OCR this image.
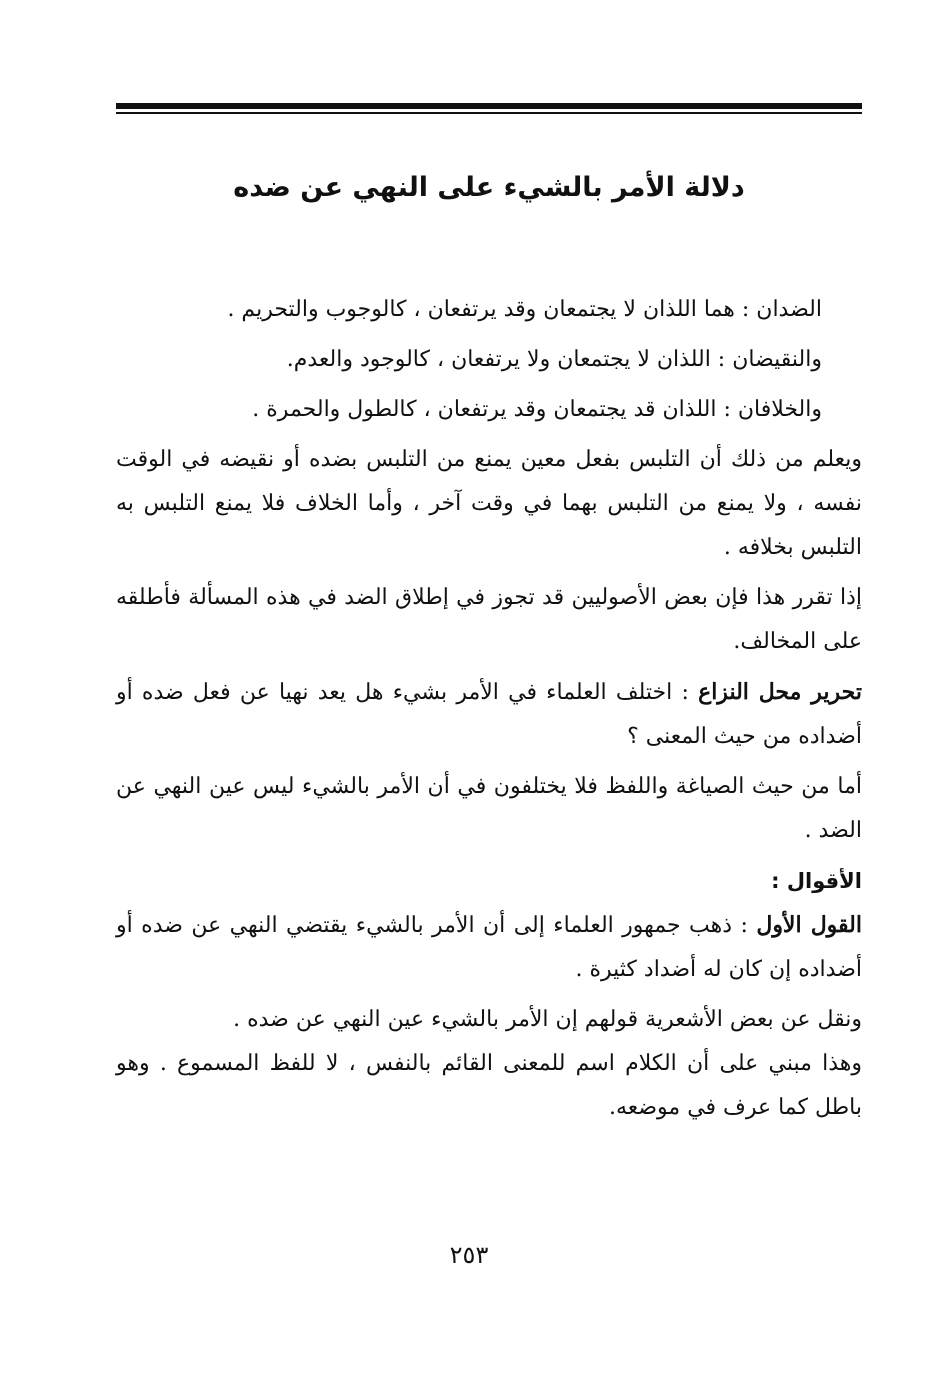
دلالة الأمر بالشيء على النهي عن ضده

الضدان : هما اللذان لا يجتمعان وقد يرتفعان ، كالوجوب والتحريم .

والنقيضان : اللذان لا يجتمعان ولا يرتفعان ، كالوجود والعدم.

والخلافان : اللذان قد يجتمعان وقد يرتفعان ، كالطول والحمرة .

ويعلم من ذلك أن التلبس بفعل معين يمنع من التلبس بضده أو نقيضه في الوقت نفسه ، ولا يمنع من التلبس بهما في وقت آخر ، وأما الخلاف فلا يمنع التلبس به التلبس بخلافه .

إذا تقرر هذا فإن بعض الأصوليين قد تجوز في إطلاق الضد في هذه المسألة فأطلقه على المخالف.

تحرير محل النزاع : اختلف العلماء في الأمر بشيء هل يعد نهيا عن فعل ضده أو أضداده من حيث المعنى ؟

أما من حيث الصياغة واللفظ فلا يختلفون في أن الأمر بالشيء ليس عين النهي عن الضد .

الأقوال :

القول الأول : ذهب جمهور العلماء إلى أن الأمر بالشيء يقتضي النهي عن ضده أو أضداده إن كان له أضداد كثيرة .

ونقل عن بعض الأشعرية قولهم إن الأمر بالشيء عين النهي عن ضده .

وهذا مبني على أن الكلام اسم للمعنى القائم بالنفس ، لا للفظ المسموع . وهو باطل كما عرف في موضعه.

٢٥٣
